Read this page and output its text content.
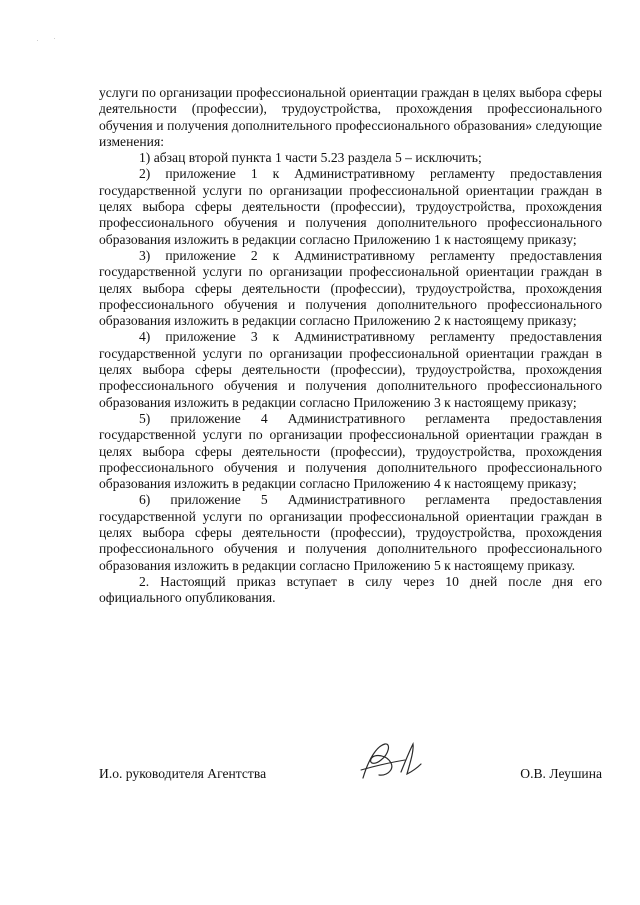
услуги по организации профессиональной ориентации граждан в целях выбора сферы деятельности (профессии), трудоустройства, прохождения профессионального обучения и получения дополнительного профессионального образования» следующие изменения:

1) абзац второй пункта 1 части 5.23 раздела 5 – исключить;

2) приложение 1 к Административному регламенту предоставления государственной услуги по организации профессиональной ориентации граждан в целях выбора сферы деятельности (профессии), трудоустройства, прохождения профессионального обучения и получения дополнительного профессионального образования изложить в редакции согласно Приложению 1 к настоящему приказу;

3) приложение 2 к Административному регламенту предоставления государственной услуги по организации профессиональной ориентации граждан в целях выбора сферы деятельности (профессии), трудоустройства, прохождения профессионального обучения и получения дополнительного профессионального образования изложить в редакции согласно Приложению 2 к настоящему приказу;

4) приложение 3 к Административному регламенту предоставления государственной услуги по организации профессиональной ориентации граждан в целях выбора сферы деятельности (профессии), трудоустройства, прохождения профессионального обучения и получения дополнительного профессионального образования изложить в редакции согласно Приложению 3 к настоящему приказу;

5) приложение 4 Административного регламента предоставления государственной услуги по организации профессиональной ориентации граждан в целях выбора сферы деятельности (профессии), трудоустройства, прохождения профессионального обучения и получения дополнительного профессионального образования изложить в редакции согласно Приложению 4 к настоящему приказу;

6) приложение 5 Административного регламента предоставления государственной услуги по организации профессиональной ориентации граждан в целях выбора сферы деятельности (профессии), трудоустройства, прохождения профессионального обучения и получения дополнительного профессионального образования изложить в редакции согласно Приложению 5 к настоящему приказу.

2. Настоящий приказ вступает в силу через 10 дней после дня его официального опубликования.

И.о. руководителя Агентства	О.В. Леушина
